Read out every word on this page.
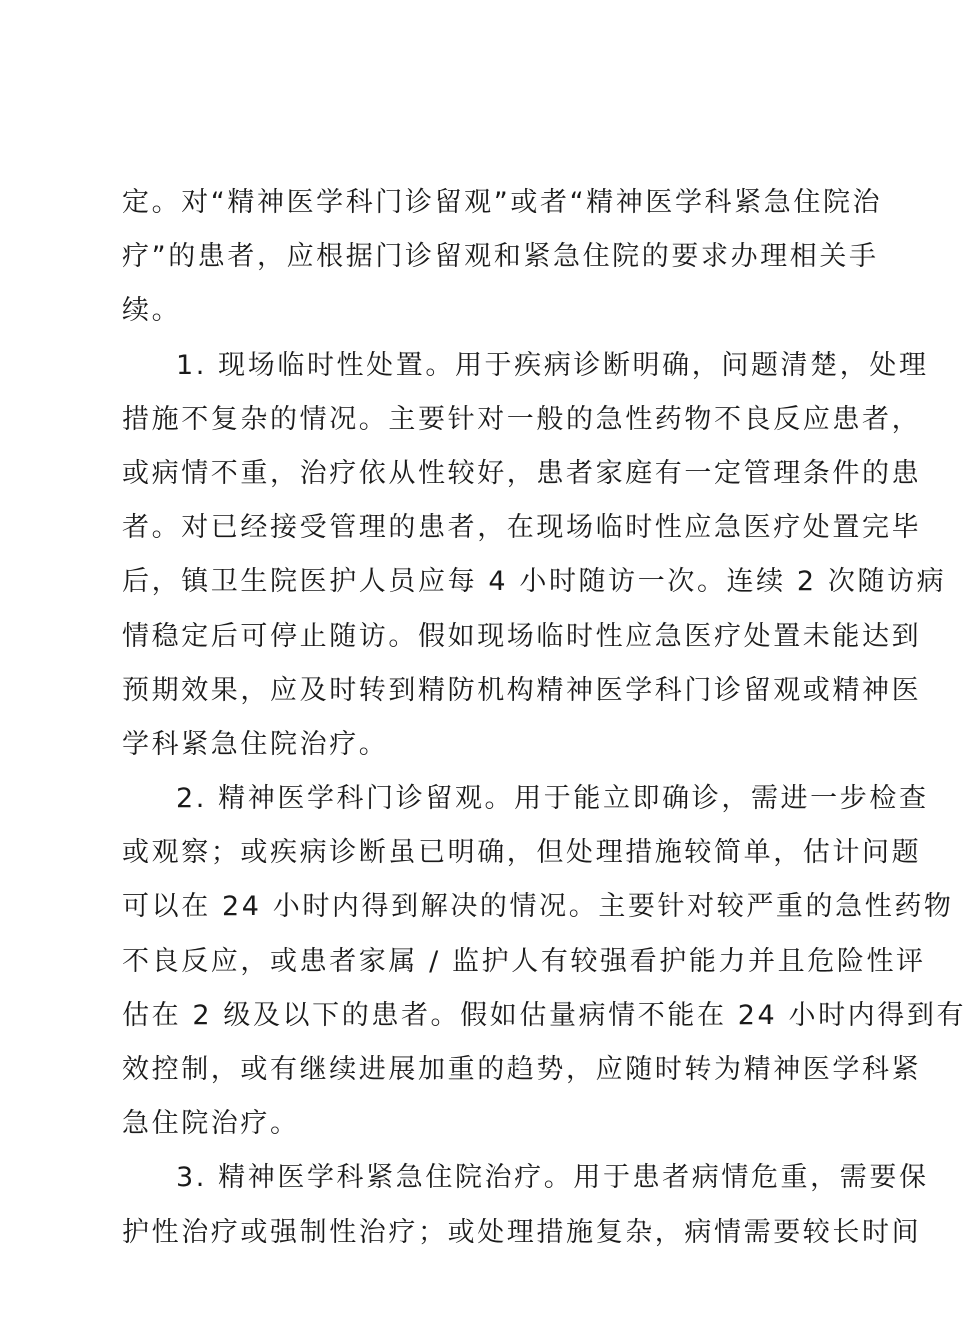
定。对“精神医学科门诊留观”或者“精神医学科紧急住院治
疗”的患者，应根据门诊留观和紧急住院的要求办理相关手
续。
1. 现场临时性处置。用于疾病诊断明确，问题清楚，处理
措施不复杂的情况。主要针对一般的急性药物不良反应患者，
或病情不重，治疗依从性较好，患者家庭有一定管理条件的患
者。对已经接受管理的患者，在现场临时性应急医疗处置完毕
后，镇卫生院医护人员应每 4 小时随访一次。连续 2 次随访病
情稳定后可停止随访。假如现场临时性应急医疗处置未能达到
预期效果，应及时转到精防机构精神医学科门诊留观或精神医
学科紧急住院治疗。
2. 精神医学科门诊留观。用于能立即确诊，需进一步检查
或观察；或疾病诊断虽已明确，但处理措施较简单，估计问题
可以在 24 小时内得到解决的情况。主要针对较严重的急性药物
不良反应，或患者家属 / 监护人有较强看护能力并且危险性评
估在 2 级及以下的患者。假如估量病情不能在 24 小时内得到有
效控制，或有继续进展加重的趋势，应随时转为精神医学科紧
急住院治疗。
3. 精神医学科紧急住院治疗。用于患者病情危重，需要保
护性治疗或强制性治疗；或处理措施复杂，病情需要较长时间
